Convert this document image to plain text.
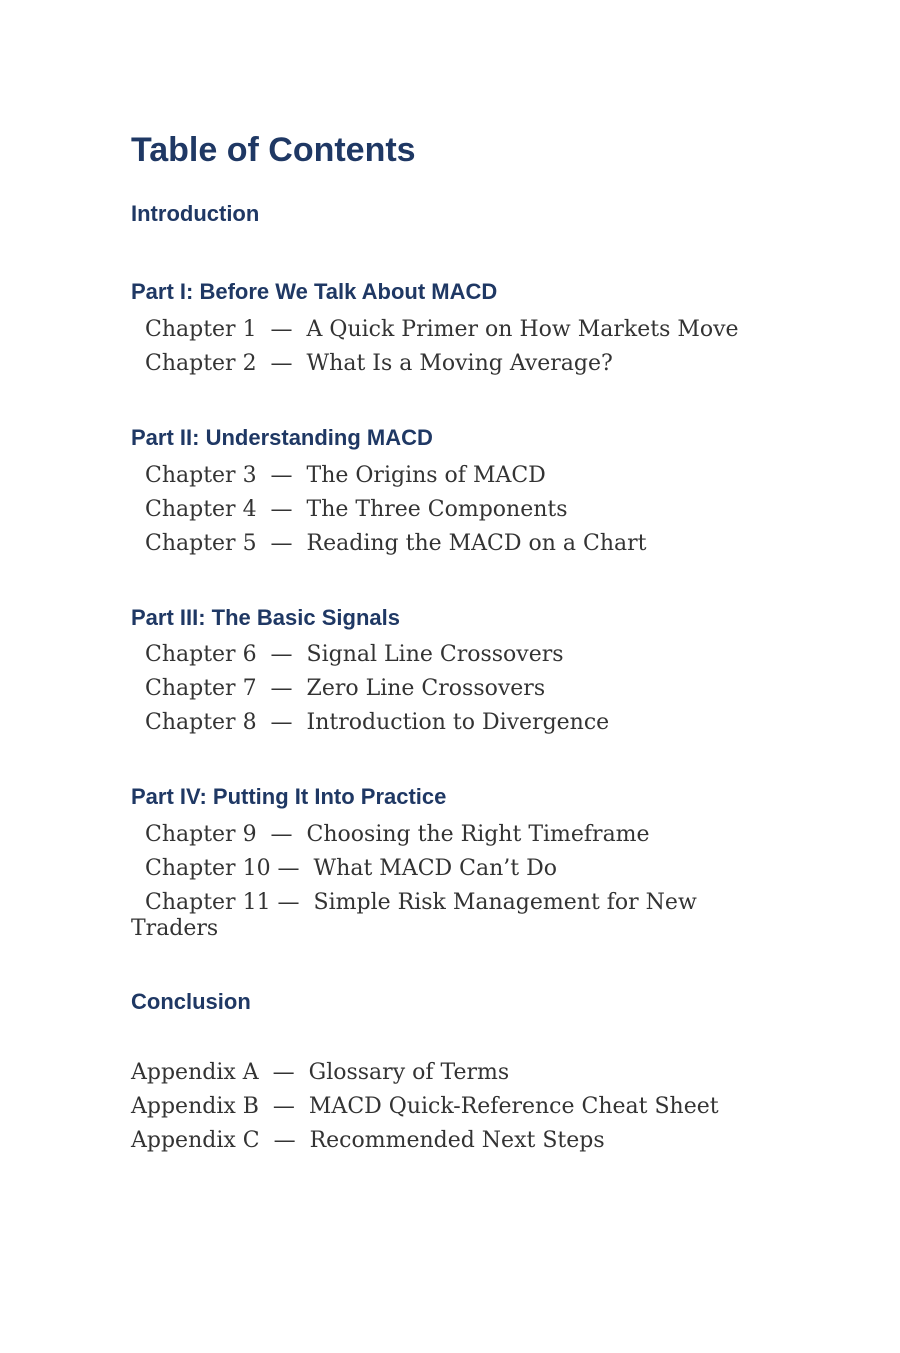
Table of Contents
Introduction
Part I: Before We Talk About MACD

Chapter 1  —  A Quick Primer on How Markets Move

Chapter 2  —  What Is a Moving Average?

Part II: Understanding MACD

Chapter 3  —  The Origins of MACD

Chapter 4  —  The Three Components

Chapter 5  —  Reading the MACD on a Chart

Part III: The Basic Signals

Chapter 6  —  Signal Line Crossovers

Chapter 7  —  Zero Line Crossovers

Chapter 8  —  Introduction to Divergence

Part IV: Putting It Into Practice

Chapter 9  —  Choosing the Right Timeframe

Chapter 10 —  What MACD Can’t Do

Chapter 11 —  Simple Risk Management for New Traders

Conclusion

Appendix A  —  Glossary of Terms

Appendix B  —  MACD Quick-Reference Cheat Sheet

Appendix C  —  Recommended Next Steps
